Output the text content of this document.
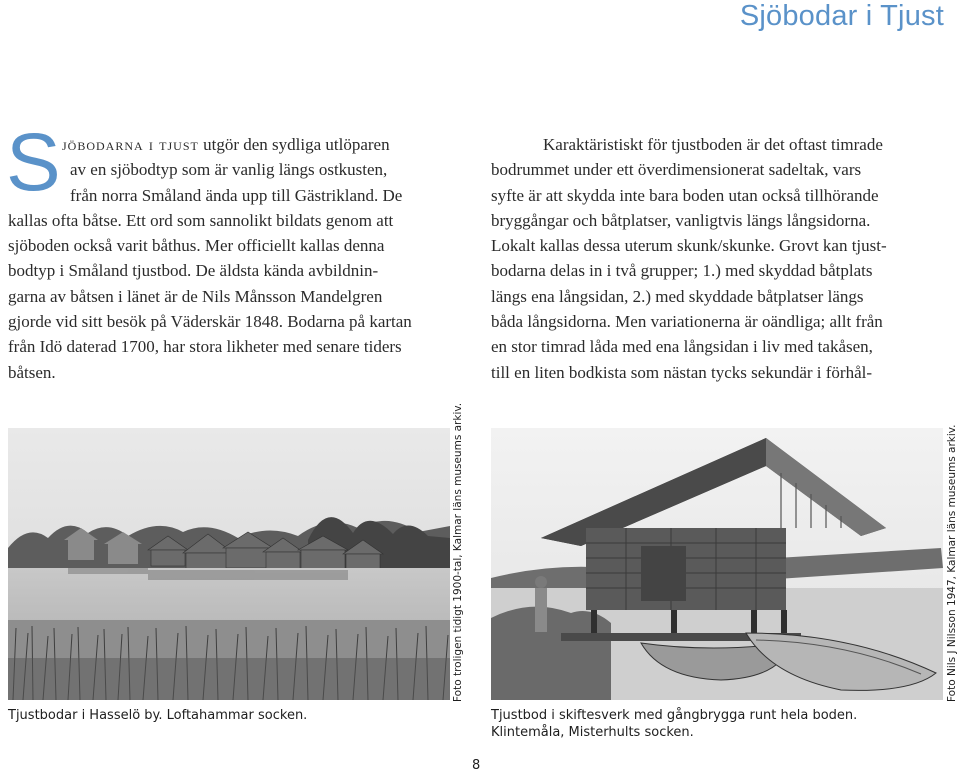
Sjöbodar i Tjust
S jöbodarna i tjust utgör den sydliga utlöparen
av en sjöbodtyp som är vanlig längs ostkusten,
från norra Småland ända upp till Gästrikland. De
kallas ofta båtse. Ett ord som sannolikt bildats genom att
sjöboden också varit båthus. Mer officiellt kallas denna
bodtyp i Småland tjustbod. De äldsta kända avbildnin-
garna av båtsen i länet är de Nils Månsson Mandelgren
gjorde vid sitt besök på Väderskär 1848. Bodarna på kartan
från Idö daterad 1700, har stora likheter med senare tiders
båtsen.
Karaktäristiskt för tjustboden är det oftast timrade
bodrummet under ett överdimensionerat sadeltak, vars
syfte är att skydda inte bara boden utan också tillhörande
bryggångar och båtplatser, vanligtvis längs långsidorna.
Lokalt kallas dessa uterum skunk/skunke. Grovt kan tjust-
bodarna delas in i två grupper; 1.) med skyddad båtplats
längs ena långsidan, 2.) med skyddade båtplatser längs
båda långsidorna. Men variationerna är oändliga; allt från
en stor timrad låda med ena långsidan i liv med takåsen,
till en liten bodkista som nästan tycks sekundär i förhål-
Foto troligen tidigt 1900-tal, Kalmar läns museums arkiv.	Foto Nils J Nilsson 1947, Kalmar läns museums arkiv.
Tjustbodar i Hasselö by. Loftahammar socken.	Tjustbod i skiftesverk med gångbrygga runt hela boden.
Klintemåla, Misterhults socken.
8
